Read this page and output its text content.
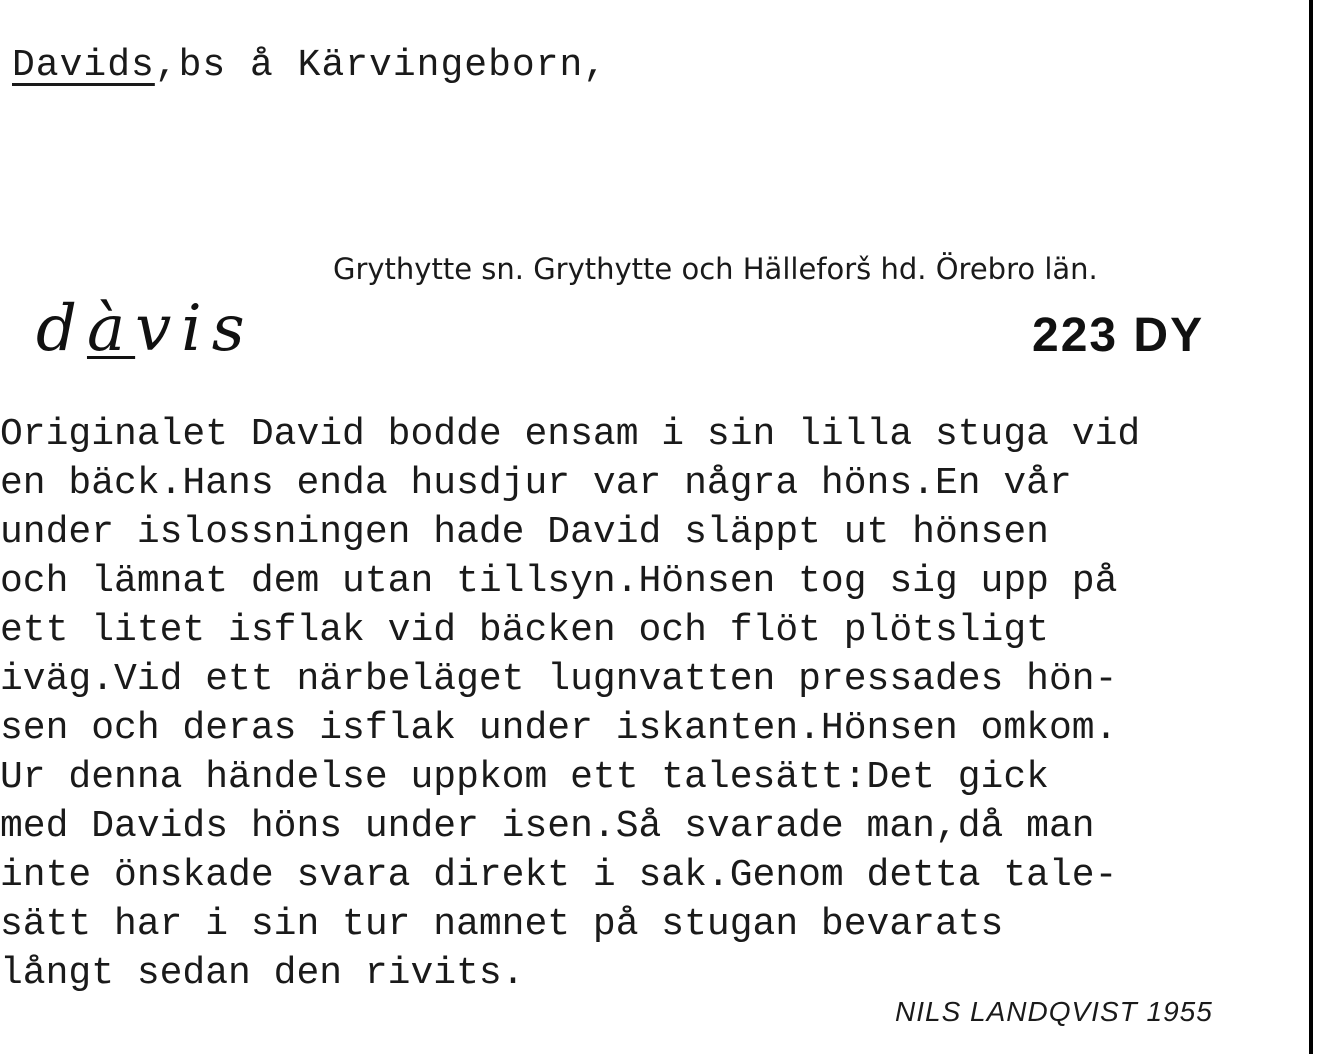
Davids,bs å Kärvingeborn,
Grythytte sn. Grythytte och Hälleforš hd. Örebro län.
dàvis	223 DY
Originalet David bodde ensam i sin lilla stuga vid
en bäck.Hans enda husdjur var några höns.En vår
under islossningen hade David släppt ut hönsen
och lämnat dem utan tillsyn.Hönsen tog sig upp på
ett litet isflak vid bäcken och flöt plötsligt
iväg.Vid ett närbeläget lugnvatten pressades hön-
sen och deras isflak under iskanten.Hönsen omkom.
Ur denna händelse uppkom ett talesätt:Det gick
med Davids höns under isen.Så svarade man,då man
inte önskade svara direkt i sak.Genom detta tale-
sätt har i sin tur namnet på stugan bevarats
långt sedan den rivits.
NILS LANDQVIST 1955
